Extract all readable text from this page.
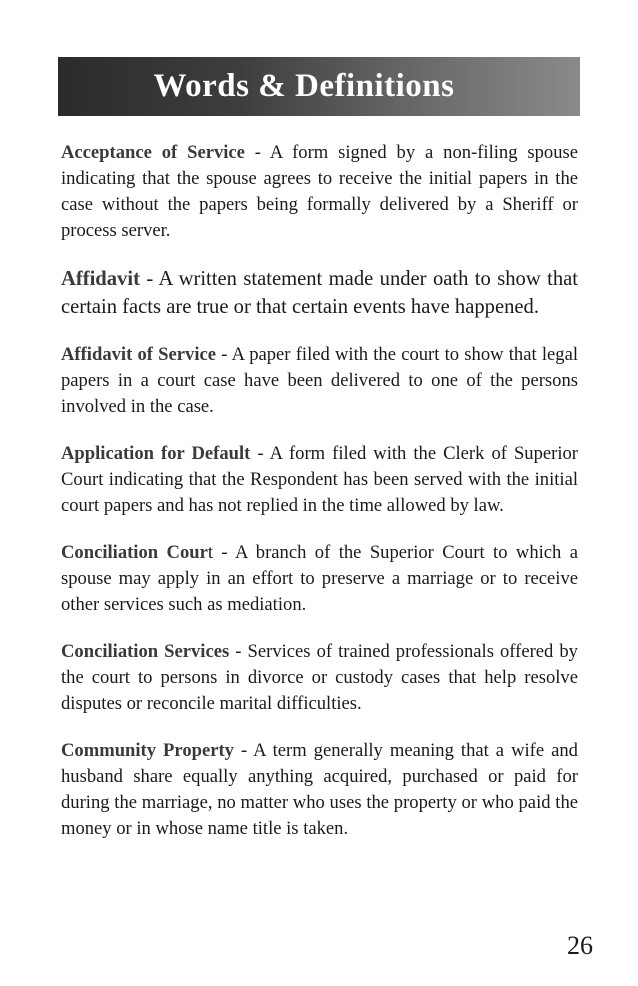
Words & Definitions

Acceptance of Service - A form signed by a non-filing spouse indicating that the spouse agrees to receive the initial papers in the case without the papers being formally delivered by a Sheriff or process server.

Affidavit - A written statement made under oath to show that certain facts are true or that certain events have happened.

Affidavit of Service - A paper filed with the court to show that legal papers in a court case have been delivered to one of the persons involved in the case.

Application for Default - A form filed with the Clerk of Superior Court indicating that the Respondent has been served with the initial court papers and has not replied in the time allowed by law.

Conciliation Court - A branch of the Superior Court to which a spouse may apply in an effort to preserve a marriage or to receive other services such as mediation.

Conciliation Services - Services of trained professionals offered by the court to persons in divorce or custody cases that help resolve disputes or reconcile marital difficulties.

Community Property - A term generally meaning that a wife and husband share equally anything acquired, purchased or paid for during the marriage, no matter who uses the property or who paid the money or in whose name title is taken.

26
